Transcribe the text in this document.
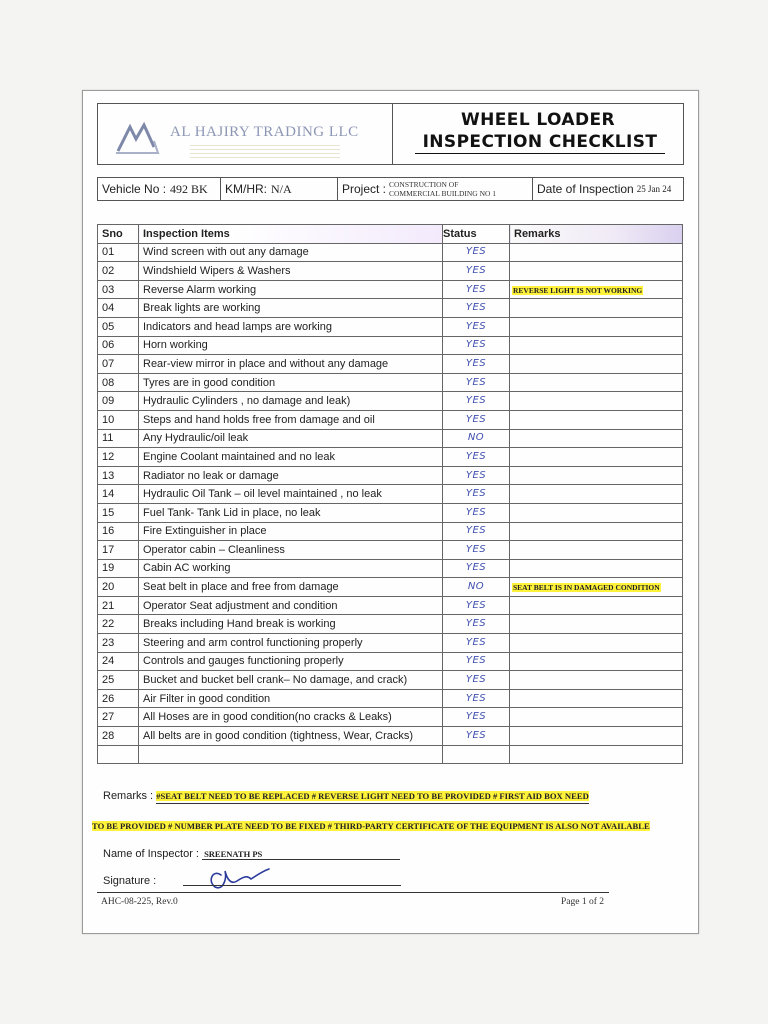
AL HAJIRY TRADING LLC
WHEEL LOADER
INSPECTION CHECKLIST
Vehicle No : 492 BK KM/HR: N/A	Project : CONSTRUCTION OF
COMMERCIAL BUILDING NO 1	Date of Inspection 25 Jan 24
Sno	Inspection Items	Status	Remarks
01	Wind screen with out any damage	YES	
02	Windshield Wipers & Washers	YES	
03	Reverse Alarm working	YES	REVERSE LIGHT IS NOT WORKING
04	Break lights are working	YES	
05	Indicators and head lamps are working	YES	
06	Horn working	YES	
07	Rear-view mirror in place and without any damage	YES	
08	Tyres are in good condition	YES	
09	Hydraulic Cylinders , no damage and leak)	YES	
10	Steps and hand holds free from damage and oil	YES	
11	Any Hydraulic/oil leak	NO	
12	Engine Coolant maintained and no leak	YES	
13	Radiator no leak or damage	YES	
14	Hydraulic Oil Tank – oil level maintained , no leak	YES	
15	Fuel Tank- Tank Lid in place, no leak	YES	
16	Fire Extinguisher in place	YES	
17	Operator cabin – Cleanliness	YES	
19	Cabin AC working	YES	
20	Seat belt in place and free from damage	NO	SEAT BELT IS IN DAMAGED CONDITION
21	Operator Seat adjustment and condition	YES	
22	Breaks including Hand break is working	YES	
23	Steering and arm control functioning properly	YES	
24	Controls and gauges functioning properly	YES	
25	Bucket and bucket bell crank– No damage, and crack)	YES	
26	Air Filter in good condition	YES	
27	All Hoses are in good condition(no cracks & Leaks)	YES	
28	All belts are in good condition (tightness, Wear, Cracks)	YES	

Remarks : #SEAT BELT NEED TO BE REPLACED # REVERSE LIGHT NEED TO BE PROVIDED # FIRST AID BOX NEED
TO BE PROVIDED # NUMBER PLATE NEED TO BE FIXED # THIRD-PARTY CERTIFICATE OF THE EQUIPMENT IS ALSO NOT AVAILABLE
Name of Inspector : SREENATH PS
Signature :
AHC-08-225, Rev.0	Page 1 of 2
